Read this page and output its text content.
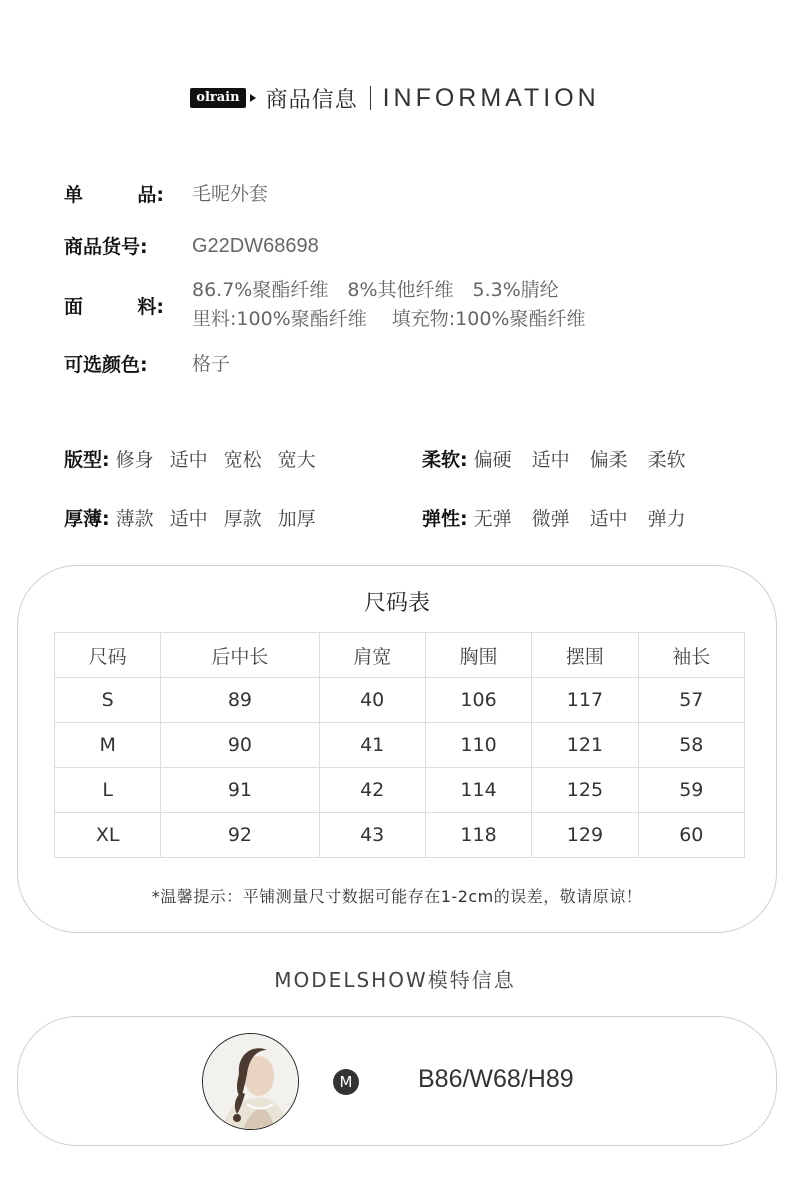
olrain 商品信息 INFORMATION
单	品: 毛呢外套
商品货号:	G22DW68698
面	料:
86.7%聚酯纤维　8%其他纤维　5.3%腈纶
里料:100%聚酯纤维　 填充物:100%聚酯纤维
可选颜色:	格子
版型: 修身 适中 宽松 宽大	柔软: 偏硬 适中 偏柔 柔软
厚薄: 薄款 适中 厚款 加厚	弹性: 无弹 微弹 适中 弹力
尺码表
尺码	后中长	肩宽	胸围	摆围	袖长
S	89	40	106	117	57
M	90	41	110	121	58
L	91	42	114	125	59
XL	92	43	118	129	60
*温馨提示：平铺测量尺寸数据可能存在1-2cm的误差，敬请原谅！
MODELSHOW模特信息
M	B86/W68/H89
